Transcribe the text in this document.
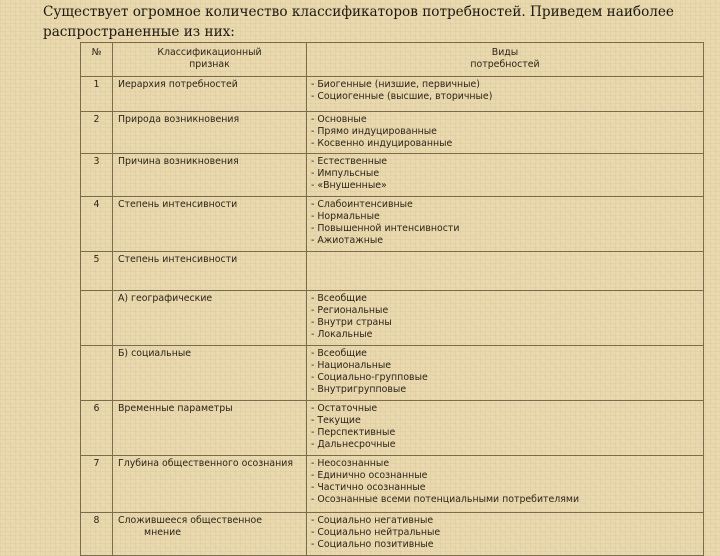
Существует огромное количество классификаторов потребностей. Приведем наиболее распространенные из них:

№	Классификационный признак	Виды потребностей
1	Иерархия потребностей	- Биогенные (низшие, первичные)
- Социогенные (высшие, вторичные)

2	Природа возникновения	- Основные
- Прямо индуцированные
- Косвенно индуцированные

3	Причина возникновения	- Естественные
- Импульсные
- «Внушенные»

4	Степень интенсивности	- Слабоинтенсивные
- Нормальные
- Повышенной интенсивности
- Ажиотажные

5	Степень интенсивности	
	А) географические	- Всеобщие
- Региональные
- Внутри страны
- Локальные

	Б) социальные	- Всеобщие
- Национальные
- Социально-групповые
- Внутригрупповые

6	Временные параметры	- Остаточные
- Текущие
- Перспективные
- Дальнесрочные

7	Глубина общественного осознания	- Неосознанные
- Единично осознанные
- Частично осознанные
- Осознанные всеми потенциальными потребителями

8	Сложившееся общественное
мнение	- Социально негативные
- Социально нейтральные
- Социально позитивные
